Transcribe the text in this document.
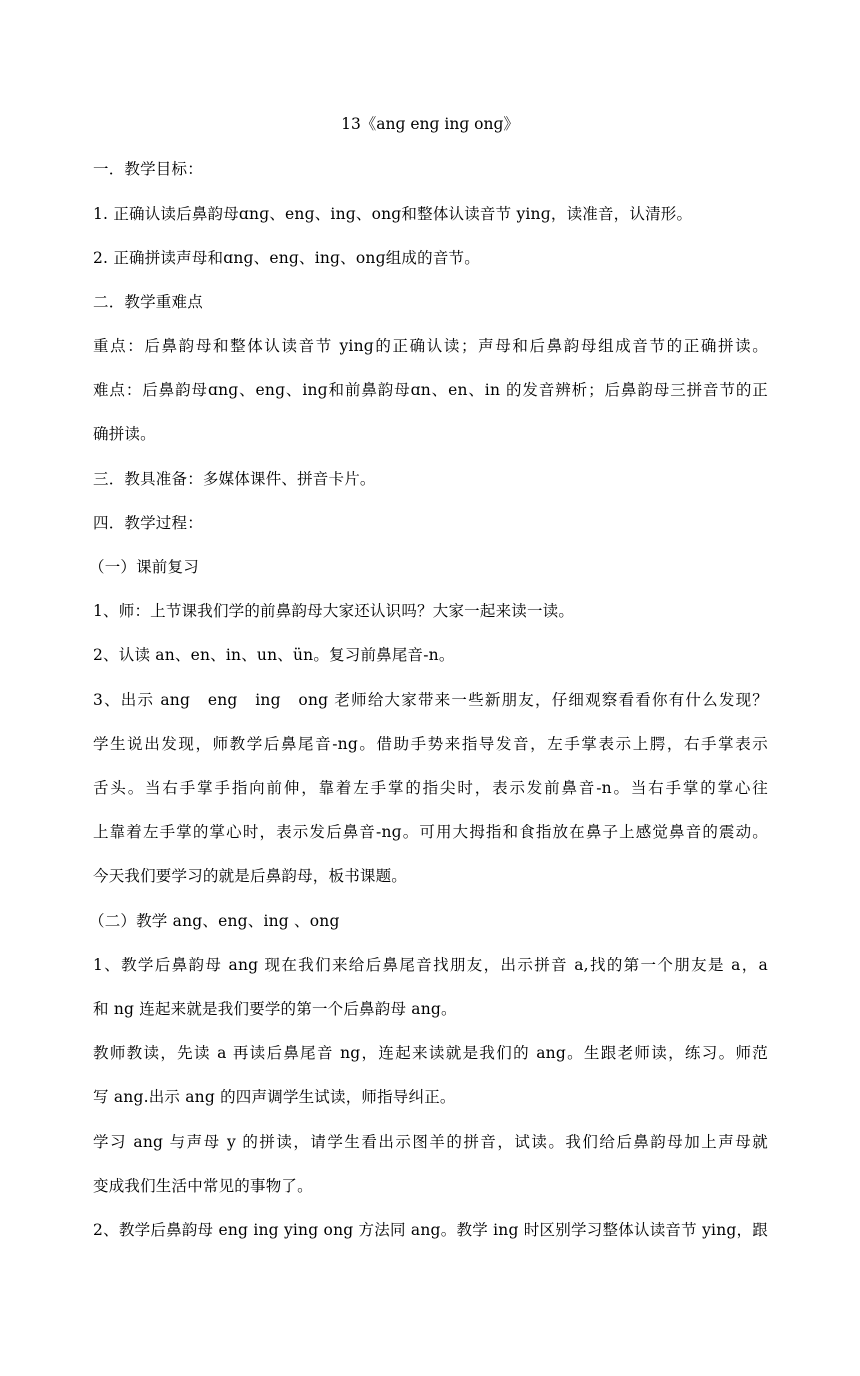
13《anɡ enɡ inɡ onɡ》
一．教学目标：
1. 正确认读后鼻韵母ɑnɡ、enɡ、inɡ、onɡ和整体认读音节 yinɡ，读准音，认清形。
2. 正确拼读声母和ɑnɡ、enɡ、inɡ、onɡ组成的音节。
二．教学重难点
重点：后鼻韵母和整体认读音节 yinɡ的正确认读；声母和后鼻韵母组成音节的正确拼读。
难点：后鼻韵母ɑnɡ、enɡ、inɡ和前鼻韵母ɑn、en、in 的发音辨析；后鼻韵母三拼音节的正
确拼读。
三．教具准备：多媒体课件、拼音卡片。
四．教学过程：
（一）课前复习
1、师：上节课我们学的前鼻韵母大家还认识吗？大家一起来读一读。
2、认读 an、en、in、un、ün。复习前鼻尾音-n。
3、出示 ang　eng　ing　ong 老师给大家带来一些新朋友，仔细观察看看你有什么发现？
学生说出发现，师教学后鼻尾音-ng。借助手势来指导发音，左手掌表示上腭，右手掌表示
舌头。当右手掌手指向前伸，靠着左手掌的指尖时，表示发前鼻音-n。当右手掌的掌心往
上靠着左手掌的掌心时，表示发后鼻音-nɡ。可用大拇指和食指放在鼻子上感觉鼻音的震动。
今天我们要学习的就是后鼻韵母，板书课题。
（二）教学 ang、eng、ing 、ong
1、教学后鼻韵母 ang 现在我们来给后鼻尾音找朋友，出示拼音 a,找的第一个朋友是 a，a
和 ng 连起来就是我们要学的第一个后鼻韵母 ang。
教师教读，先读 a 再读后鼻尾音 ng，连起来读就是我们的 ang。生跟老师读，练习。师范
写 ang.出示 ang 的四声调学生试读，师指导纠正。
学习 ang 与声母 y 的拼读，请学生看出示图羊的拼音，试读。我们给后鼻韵母加上声母就
变成我们生活中常见的事物了。
2、教学后鼻韵母 eng ing ying ong 方法同 ang。教学 ing 时区别学习整体认读音节 ying，跟
